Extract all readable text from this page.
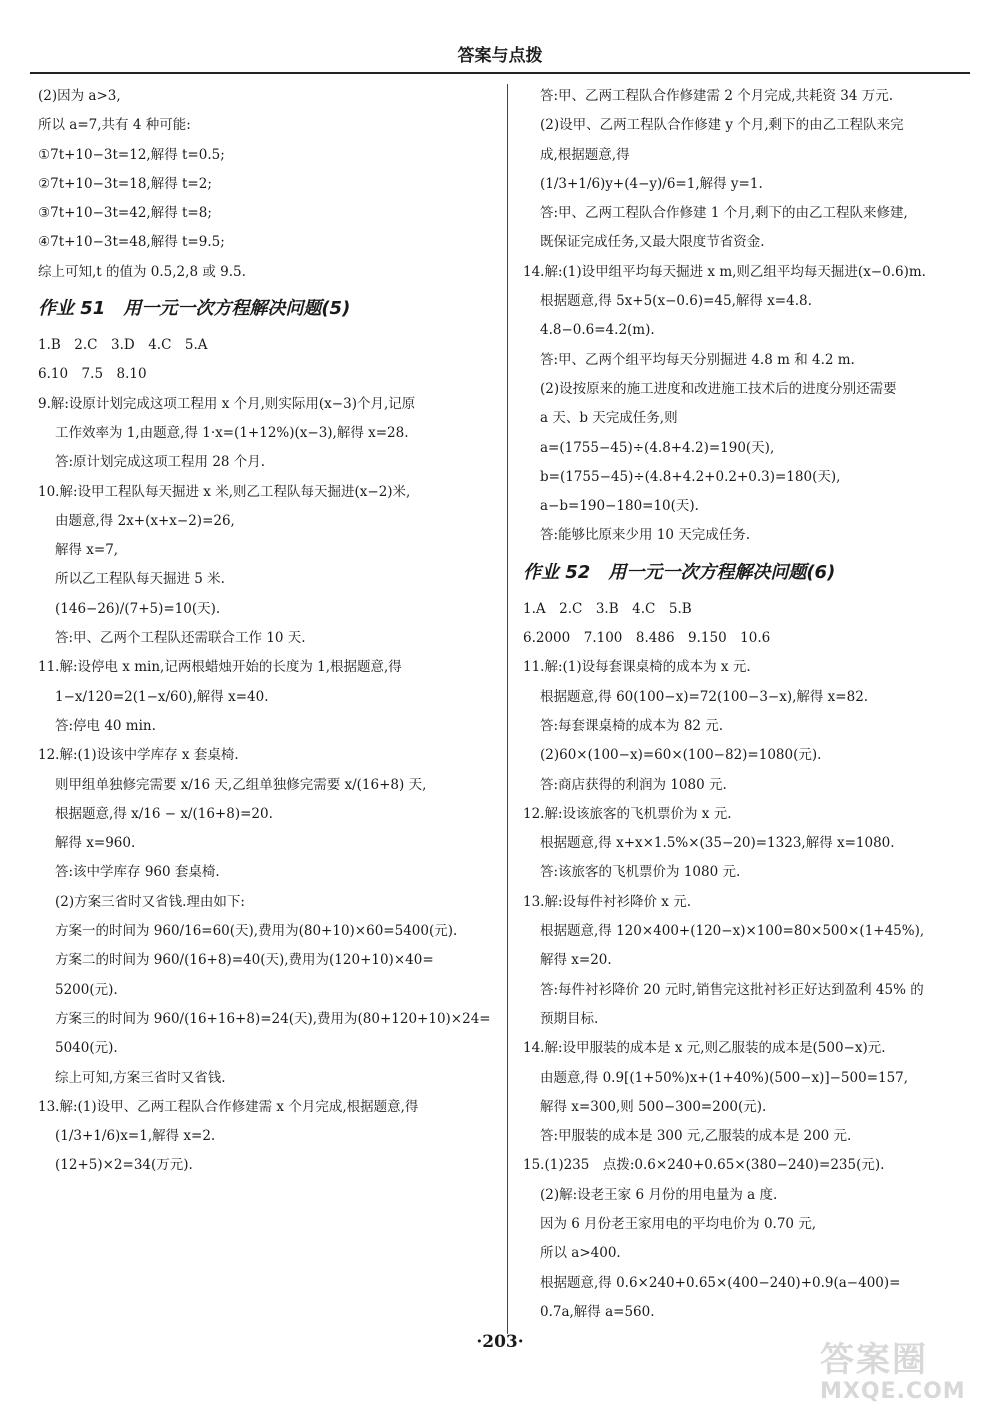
答案与点拨
(2)因为 a>3,
所以 a=7,共有 4 种可能:
①7t+10−3t=12,解得 t=0.5;
②7t+10−3t=18,解得 t=2;
③7t+10−3t=42,解得 t=8;
④7t+10−3t=48,解得 t=9.5;
综上可知,t 的值为 0.5,2,8 或 9.5.
作业 51　用一元一次方程解决问题(5)
1.B　2.C　3.D　4.C　5.A
6.10　7.5　8.10
9.解:设原计划完成这项工程用 x 个月,则实际用(x−3)个月,记原
工作效率为 1,由题意,得 1·x=(1+12%)(x−3),解得 x=28.
答:原计划完成这项工程用 28 个月.
10.解:设甲工程队每天掘进 x 米,则乙工程队每天掘进(x−2)米,
由题意,得 2x+(x+x−2)=26,
解得 x=7,
所以乙工程队每天掘进 5 米.
(146−26)/(7+5)=10(天).
答:甲、乙两个工程队还需联合工作 10 天.
11.解:设停电 x min,记两根蜡烛开始的长度为 1,根据题意,得
1−x/120=2(1−x/60),解得 x=40.
答:停电 40 min.
12.解:(1)设该中学库存 x 套桌椅.
则甲组单独修完需要 x/16 天,乙组单独修完需要 x/(16+8) 天,
根据题意,得 x/16 − x/(16+8)=20.
解得 x=960.
答:该中学库存 960 套桌椅.
(2)方案三省时又省钱.理由如下:
方案一的时间为 960/16=60(天),费用为(80+10)×60=5400(元).
方案二的时间为 960/(16+8)=40(天),费用为(120+10)×40=
5200(元).
方案三的时间为 960/(16+16+8)=24(天),费用为(80+120+10)×24=
5040(元).
综上可知,方案三省时又省钱.
13.解:(1)设甲、乙两工程队合作修建需 x 个月完成,根据题意,得
(1/3+1/6)x=1,解得 x=2.
(12+5)×2=34(万元).
答:甲、乙两工程队合作修建需 2 个月完成,共耗资 34 万元.
(2)设甲、乙两工程队合作修建 y 个月,剩下的由乙工程队来完
成,根据题意,得
(1/3+1/6)y+(4−y)/6=1,解得 y=1.
答:甲、乙两工程队合作修建 1 个月,剩下的由乙工程队来修建,
既保证完成任务,又最大限度节省资金.
14.解:(1)设甲组平均每天掘进 x m,则乙组平均每天掘进(x−0.6)m.
根据题意,得 5x+5(x−0.6)=45,解得 x=4.8.
4.8−0.6=4.2(m).
答:甲、乙两个组平均每天分别掘进 4.8 m 和 4.2 m.
(2)设按原来的施工进度和改进施工技术后的进度分别还需要
a 天、b 天完成任务,则
a=(1755−45)÷(4.8+4.2)=190(天),
b=(1755−45)÷(4.8+4.2+0.2+0.3)=180(天),
a−b=190−180=10(天).
答:能够比原来少用 10 天完成任务.
作业 52　用一元一次方程解决问题(6)
1.A　2.C　3.B　4.C　5.B
6.2000　7.100　8.486　9.150　10.6
11.解:(1)设每套课桌椅的成本为 x 元.
根据题意,得 60(100−x)=72(100−3−x),解得 x=82.
答:每套课桌椅的成本为 82 元.
(2)60×(100−x)=60×(100−82)=1080(元).
答:商店获得的利润为 1080 元.
12.解:设该旅客的飞机票价为 x 元.
根据题意,得 x+x×1.5%×(35−20)=1323,解得 x=1080.
答:该旅客的飞机票价为 1080 元.
13.解:设每件衬衫降价 x 元.
根据题意,得 120×400+(120−x)×100=80×500×(1+45%),
解得 x=20.
答:每件衬衫降价 20 元时,销售完这批衬衫正好达到盈利 45% 的
预期目标.
14.解:设甲服装的成本是 x 元,则乙服装的成本是(500−x)元.
由题意,得 0.9[(1+50%)x+(1+40%)(500−x)]−500=157,
解得 x=300,则 500−300=200(元).
答:甲服装的成本是 300 元,乙服装的成本是 200 元.
15.(1)235　点拨:0.6×240+0.65×(380−240)=235(元).
(2)解:设老王家 6 月份的用电量为 a 度.
因为 6 月份老王家用电的平均电价为 0.70 元,
所以 a>400.
根据题意,得 0.6×240+0.65×(400−240)+0.9(a−400)=
0.7a,解得 a=560.
·203·	答案圈
MXQE.COM
